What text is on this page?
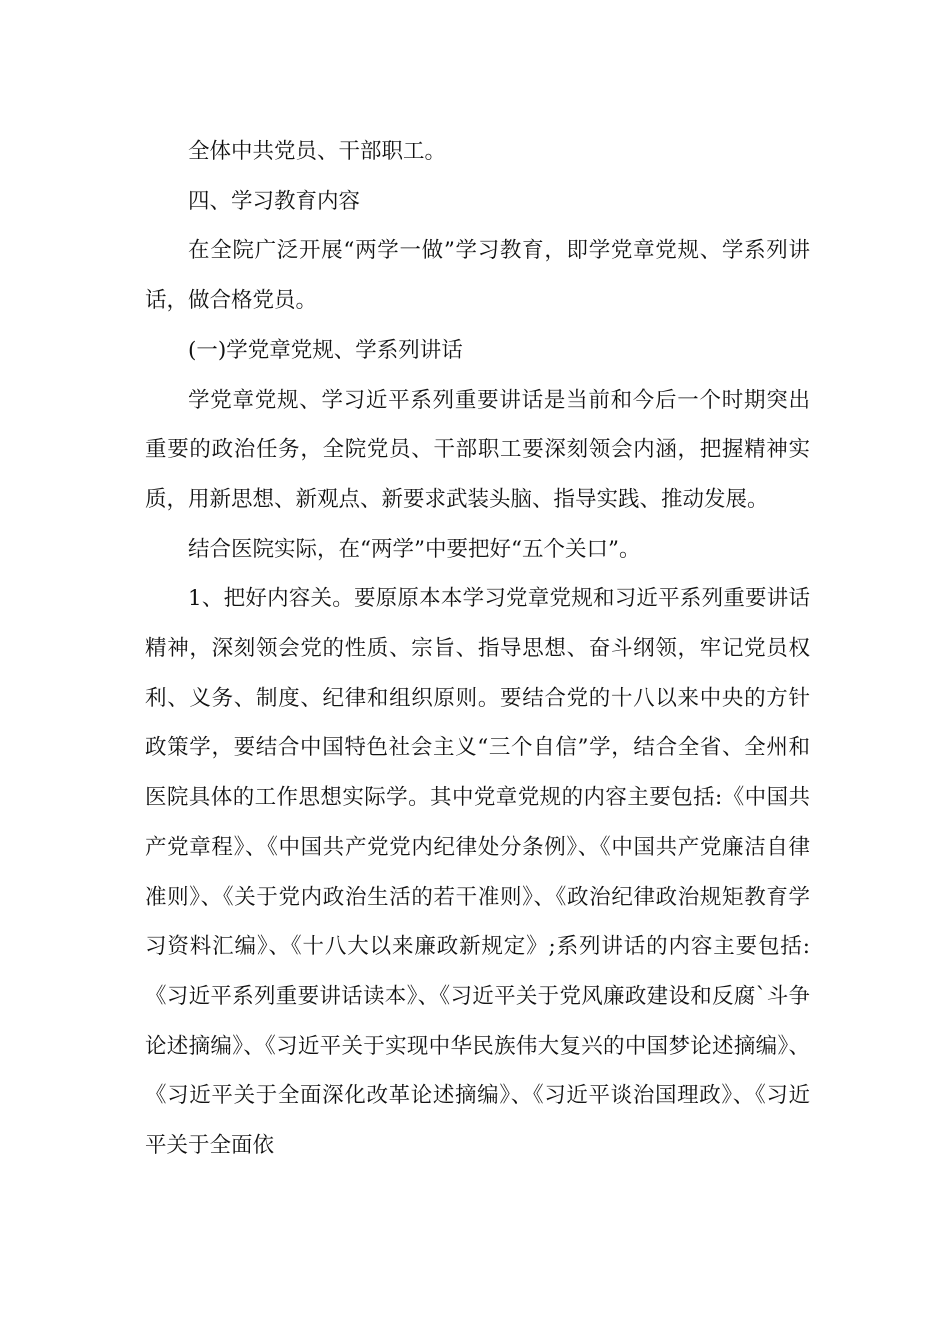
全体中共党员、干部职工。

四、学习教育内容

在全院广泛开展“两学一做”学习教育，即学党章党规、学系列讲话，做合格党员。

(一)学党章党规、学系列讲话

学党章党规、学习近平系列重要讲话是当前和今后一个时期突出重要的政治任务，全院党员、干部职工要深刻领会内涵，把握精神实质，用新思想、新观点、新要求武装头脑、指导实践、推动发展。

结合医院实际，在“两学”中要把好“五个关口”。

1、把好内容关。要原原本本学习党章党规和习近平系列重要讲话精神，深刻领会党的性质、宗旨、指导思想、奋斗纲领，牢记党员权利、义务、制度、纪律和组织原则。要结合党的十八以来中央的方针政策学，要结合中国特色社会主义“三个自信”学，结合全省、全州和医院具体的工作思想实际学。其中党章党规的内容主要包括:《中国共产党章程》、《中国共产党党内纪律处分条例》、《中国共产党廉洁自律准则》、《关于党内政治生活的若干准则》、《政治纪律政治规矩教育学习资料汇编》、《十八大以来廉政新规定》;系列讲话的内容主要包括:《习近平系列重要讲话读本》、《习近平关于党风廉政建设和反腐`斗争论述摘编》、《习近平关于实现中华民族伟大复兴的中国梦论述摘编》、《习近平关于全面深化改革论述摘编》、《习近平谈治国理政》、《习近平关于全面依
